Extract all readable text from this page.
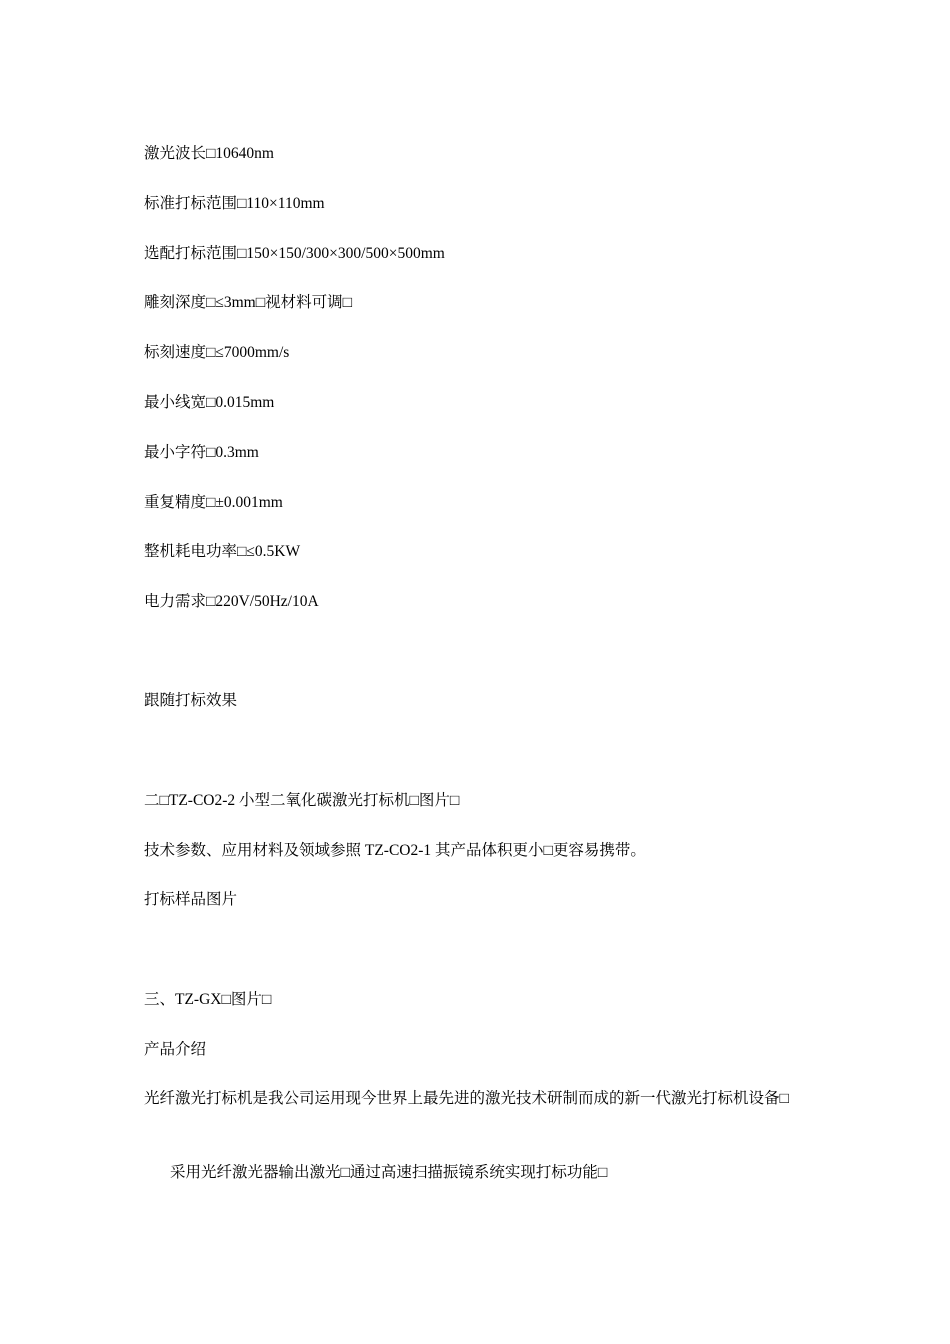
激光波长□10640nm
标准打标范围□110×110mm
选配打标范围□150×150/300×300/500×500mm
雕刻深度□≤3mm□视材料可调□
标刻速度□≤7000mm/s
最小线宽□0.015mm
最小字符□0.3mm
重复精度□±0.001mm
整机耗电功率□≤0.5KW
电力需求□220V/50Hz/10A
跟随打标效果
二□TZ-CO2-2 小型二氧化碳激光打标机□图片□
技术参数、应用材料及领域参照 TZ-CO2-1 其产品体积更小□更容易携带。
打标样品图片
三、TZ-GX□图片□
产品介绍
光纤激光打标机是我公司运用现今世界上最先进的激光技术研制而成的新一代激光打标机设备□
采用光纤激光器输出激光□通过高速扫描振镜系统实现打标功能□
